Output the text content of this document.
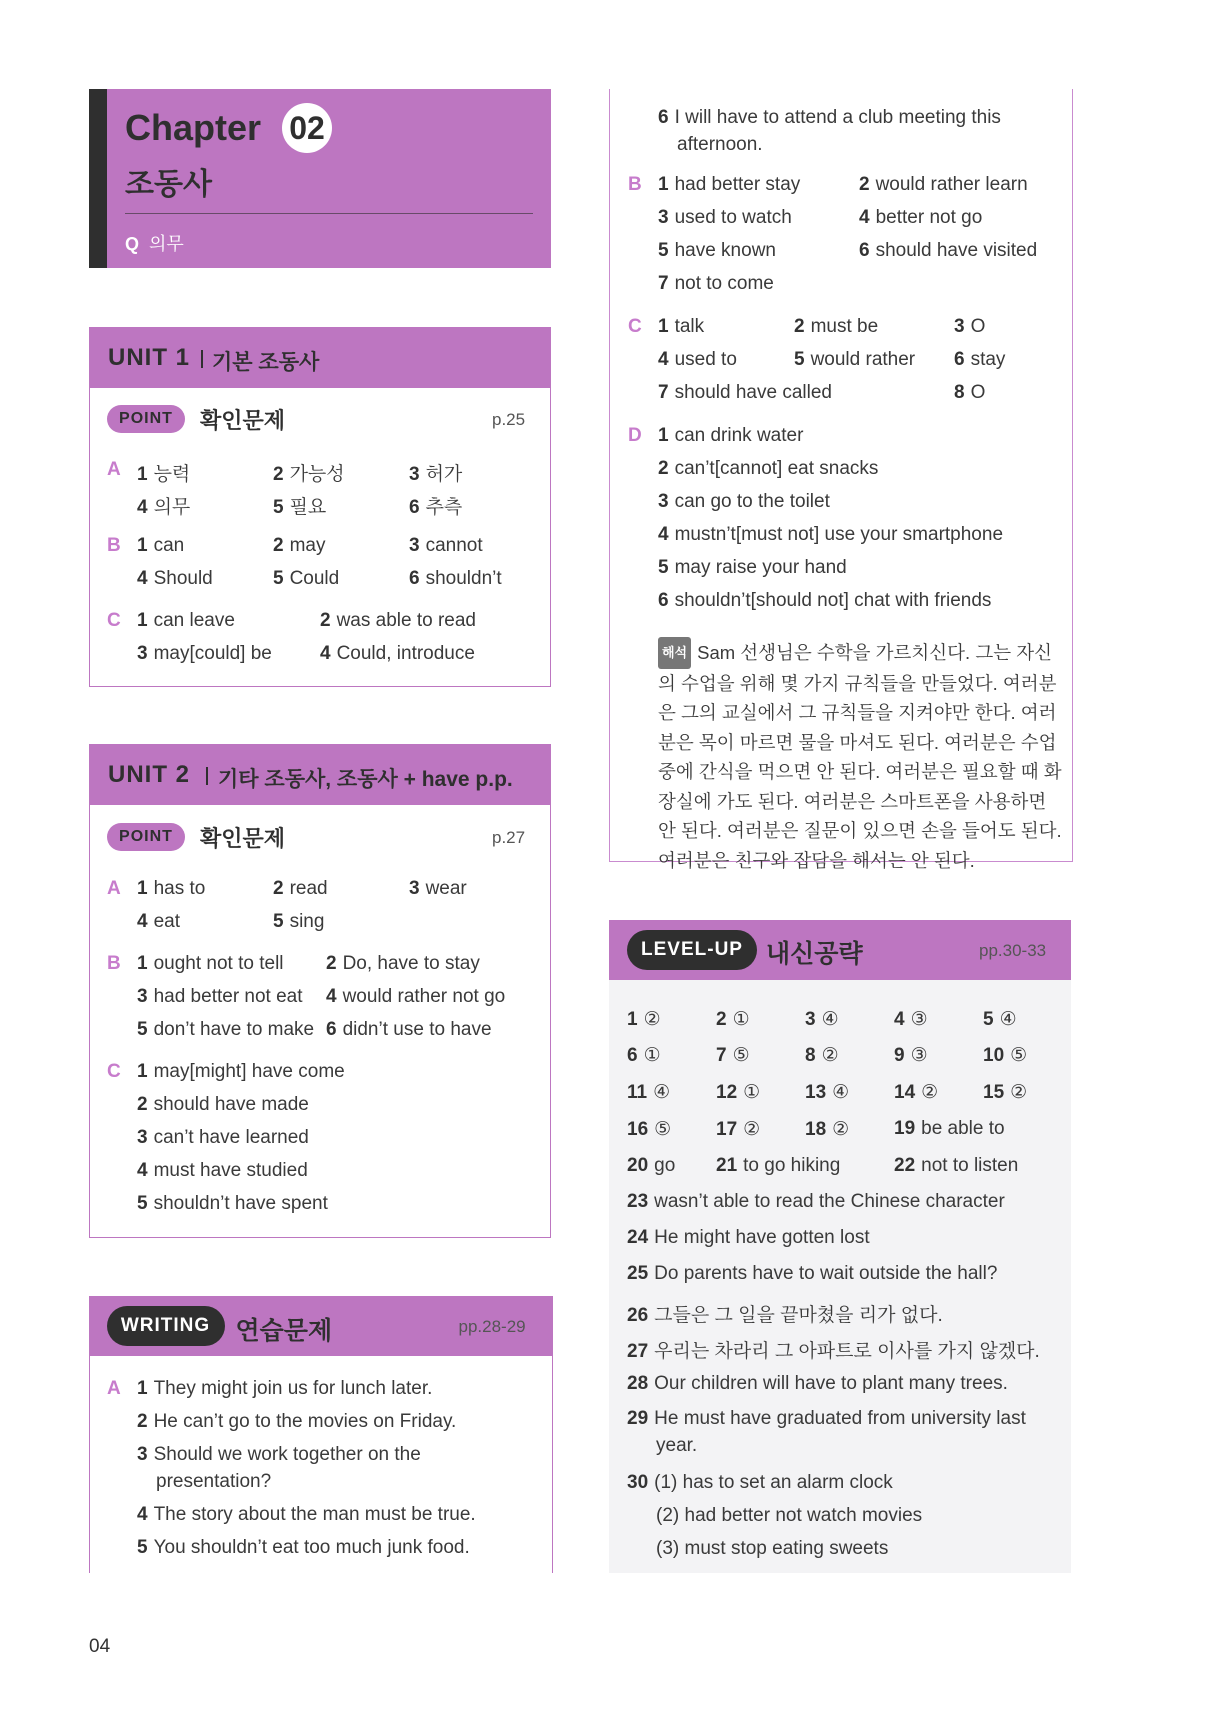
Chapter 02
조동사
Q 의무
UNIT 1 기본 조동사
POINT	확인문제	p.25
A 1 능력	2 가능성	3 허가
4 의무	5 필요	6 추측
B 1 can	2 may	3 cannot
4 Should	5 Could	6 shouldn’t
C 1 can leave	2 was able to read
3 may[could] be	4 Could, introduce
UNIT 2 기타 조동사, 조동사 + have p.p.
POINT	확인문제	p.27
A 1 has to	2 read	3 wear
4 eat	5 sing
B 1 ought not to tell 2 Do, have to stay
3 had better not eat 4 would rather not go
5 don’t have to make 6 didn’t use to have
C 1 may[might] have come
2 should have made
3 can’t have learned
4 must have studied
5 shouldn’t have spent
WRITING	연습문제	pp.28-29
A 1 They might join us for lunch later.
2 He can’t go to the movies on Friday.
3 Should we work together on the
presentation?
4 The story about the man must be true.
5 You shouldn’t eat too much junk food.
6 I will have to attend a club meeting this
afternoon.
B 1 had better stay	2 would rather learn
3 used to watch	4 better not go
5 have known	6 should have visited
7 not to come
C 1 talk	2 must be	3 O
4 used to	5 would rather 6 stay
7 should have called	8 O
D 1 can drink water
2 can’t[cannot] eat snacks
3 can go to the toilet
4 mustn’t[must not] use your smartphone
5 may raise your hand
6 shouldn’t[should not] chat with friends
해석 Sam 선생님은 수학을 가르치신다. 그는 자신의 수업을 위해 몇 가지 규칙들을 만들었다. 여러분은 그의 교실에서 그 규칙들을 지켜야만 한다. 여러분은 목이 마르면 물을 마셔도 된다. 여러분은 수업 중에 간식을 먹으면 안 된다. 여러분은 필요할 때 화장실에 가도 된다. 여러분은 스마트폰을 사용하면 안 된다. 여러분은 질문이 있으면 손을 들어도 된다. 여러분은 친구와 잡담을 해서는 안 된다.
LEVEL-UP 내신공략	pp.30-33
1 ②	2 ①	3 ④	4 ③	5 ④
6 ①	7 ⑤	8 ②	9 ③	10 ⑤
11 ④ 12 ① 13 ④ 14 ② 15 ②
16 ⑤ 17 ② 18 ② 19 be able to
20 go 21 to go hiking	22 not to listen
23 wasn’t able to read the Chinese character
24 He might have gotten lost
25 Do parents have to wait outside the hall?
26 그들은 그 일을 끝마쳤을 리가 없다.
27 우리는 차라리 그 아파트로 이사를 가지 않겠다.
28 Our children will have to plant many trees.
29 He must have graduated from university last
year.
30 (1) has to set an alarm clock
(2) had better not watch movies
(3) must stop eating sweets
04
